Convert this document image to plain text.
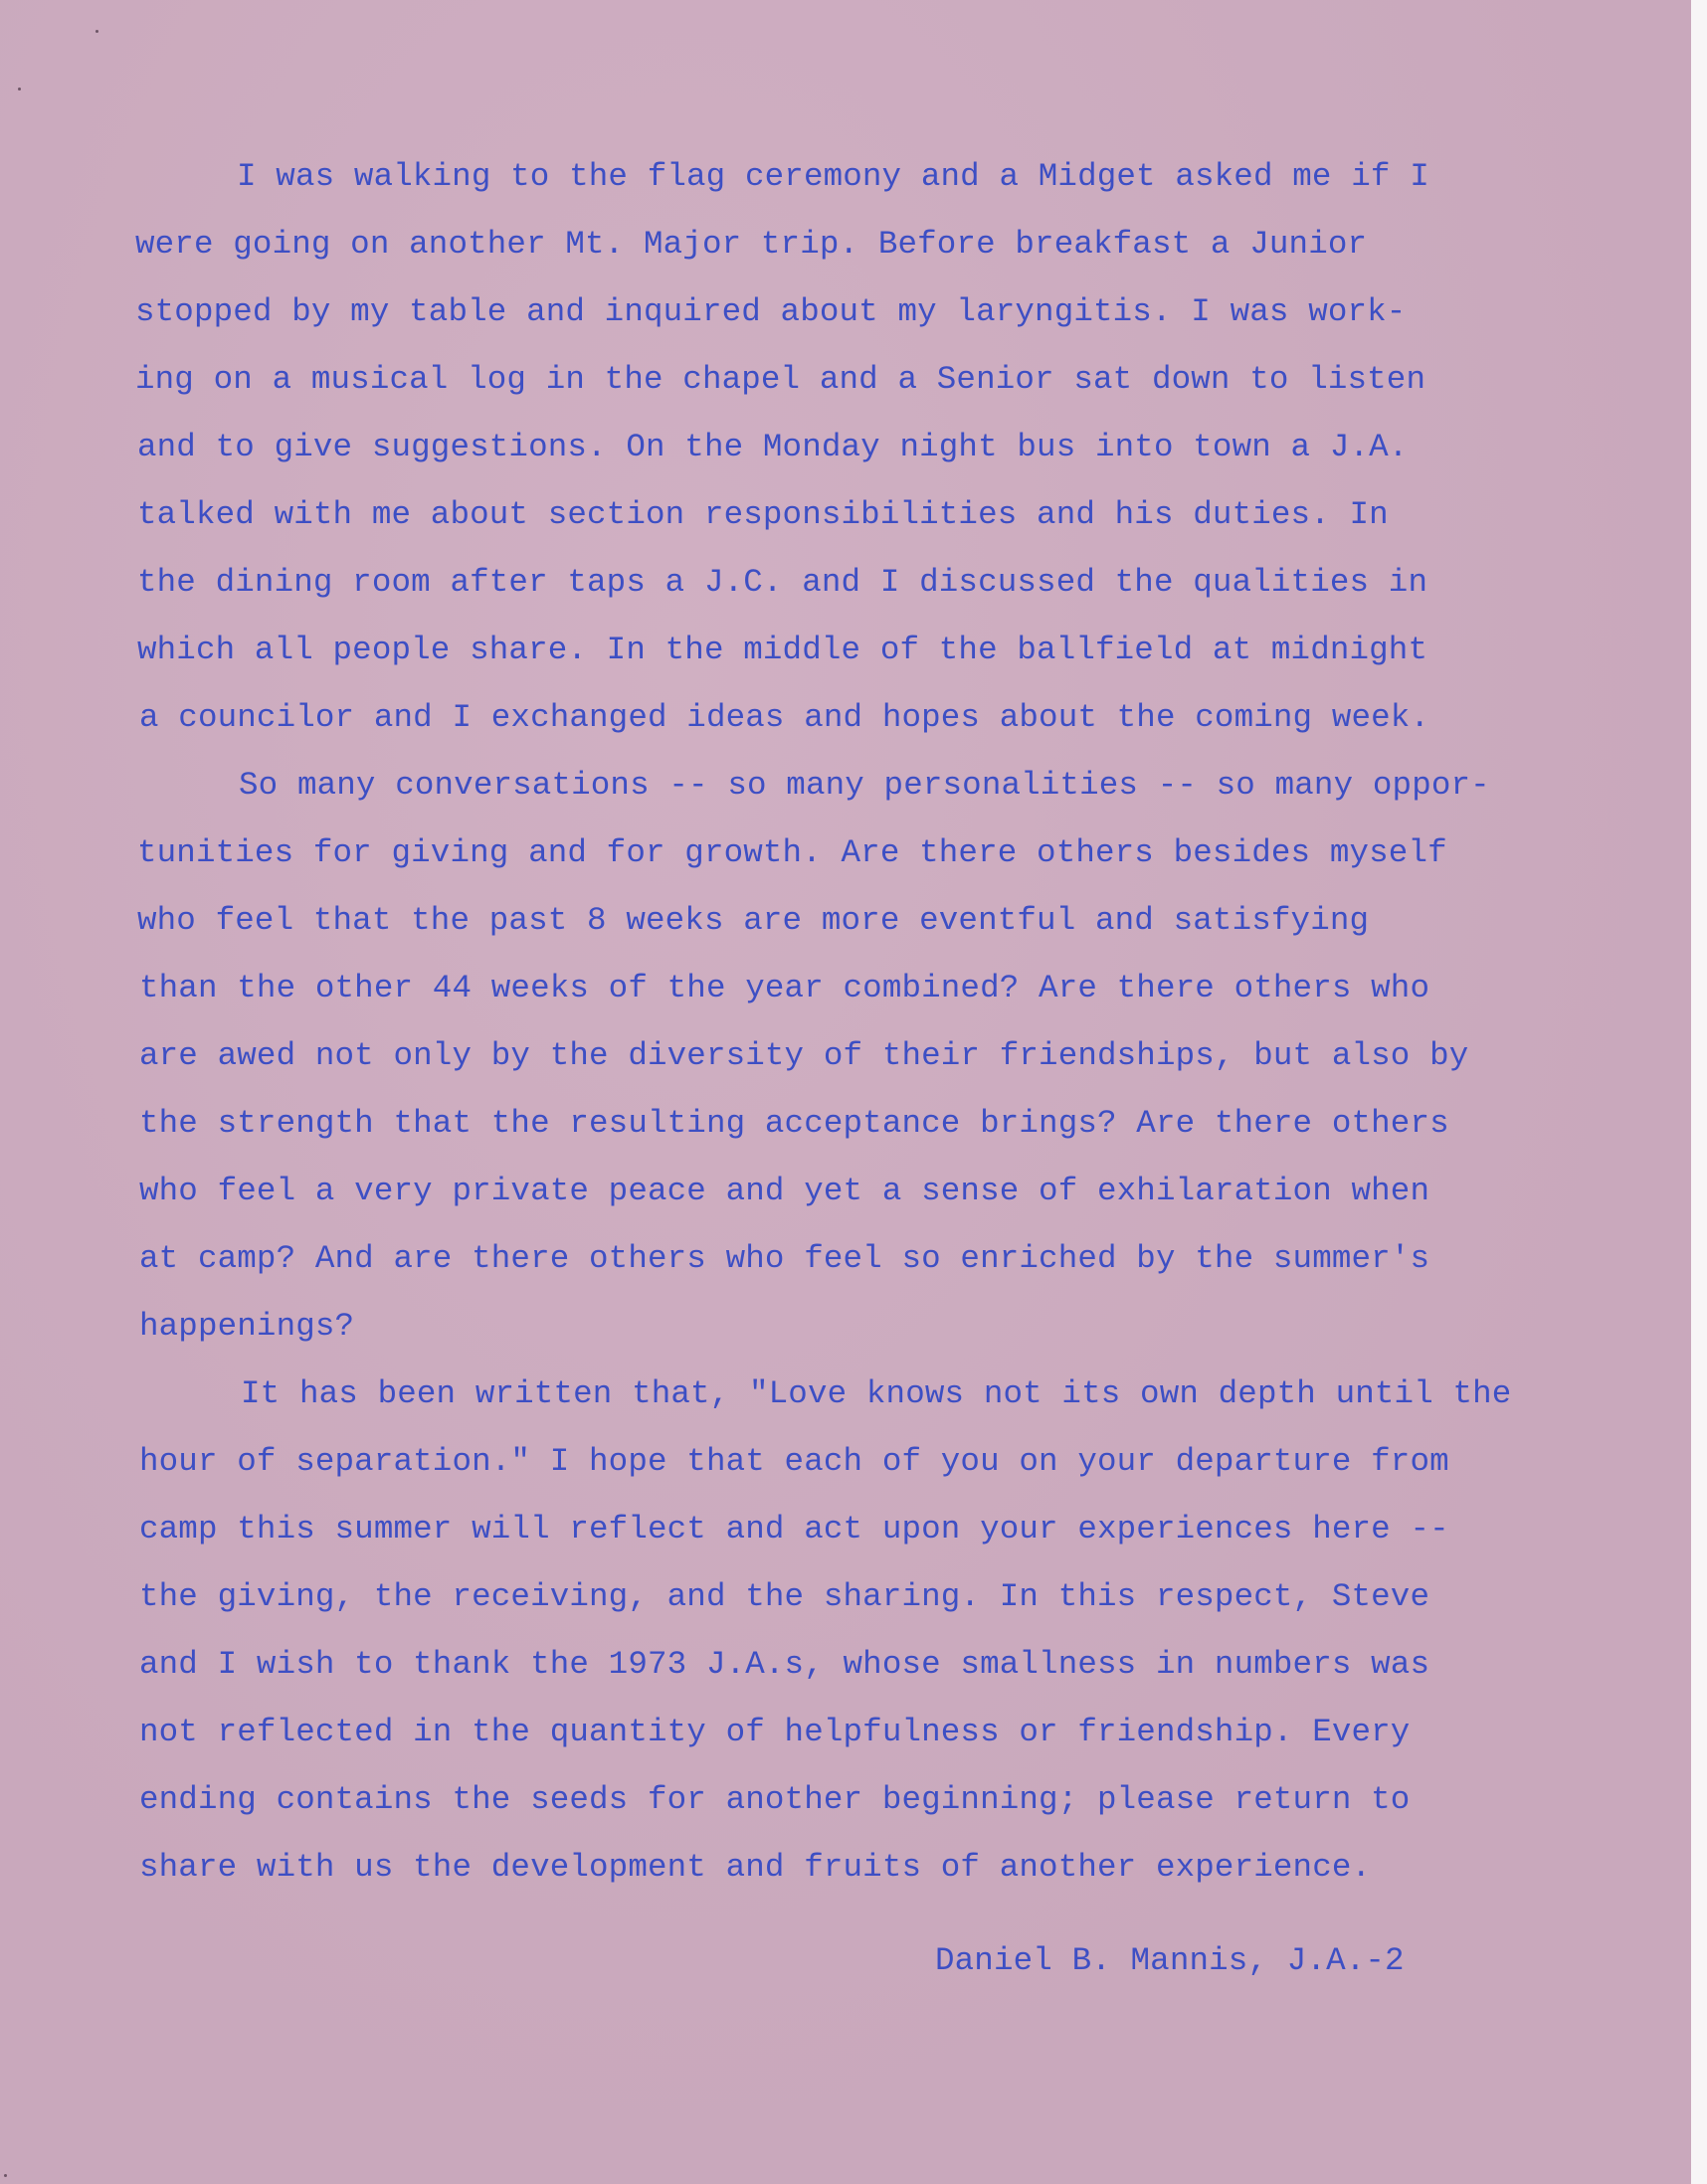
I was walking to the flag ceremony and a Midget asked me if I
were going on another Mt. Major trip. Before breakfast a Junior
stopped by my table and inquired about my laryngitis. I was work-
ing on a musical log in the chapel and a Senior sat down to listen
and to give suggestions. On the Monday night bus into town a J.A.
talked with me about section responsibilities and his duties. In
the dining room after taps a J.C. and I discussed the qualities in
which all people share. In the middle of the ballfield at midnight
a councilor and I exchanged ideas and hopes about the coming week.
So many conversations -- so many personalities -- so many oppor-
tunities for giving and for growth. Are there others besides myself
who feel that the past 8 weeks are more eventful and satisfying
than the other 44 weeks of the year combined? Are there others who
are awed not only by the diversity of their friendships, but also by
the strength that the resulting acceptance brings? Are there others
who feel a very private peace and yet a sense of exhilaration when
at camp? And are there others who feel so enriched by the summer's
happenings?
It has been written that, "Love knows not its own depth until the
hour of separation." I hope that each of you on your departure from
camp this summer will reflect and act upon your experiences here --
the giving, the receiving, and the sharing. In this respect, Steve
and I wish to thank the 1973 J.A.s, whose smallness in numbers was
not reflected in the quantity of helpfulness or friendship. Every
ending contains the seeds for another beginning; please return to
share with us the development and fruits of another experience.
Daniel B. Mannis, J.A.-2
